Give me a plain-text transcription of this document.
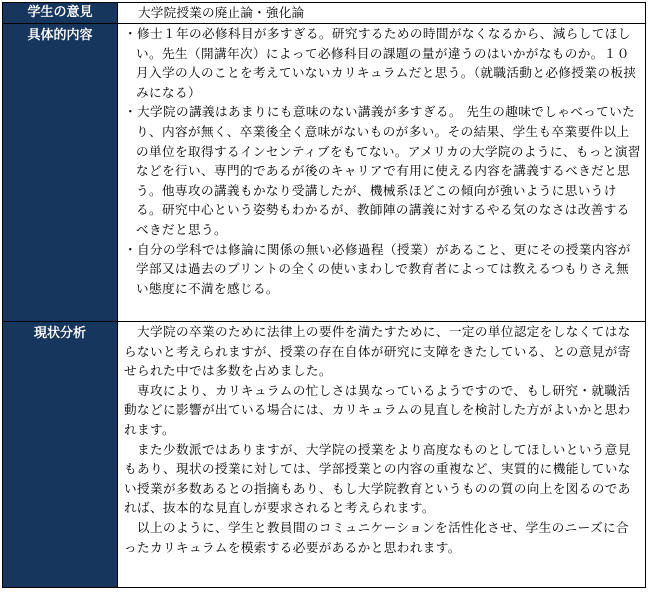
学生の意見	大学院授業の廃止論・強化論
具体的内容	・修士１年の必修科目が多すぎる。研究するための時間がなくなるから、減らしてほしい。先生（開講年次）によって必修科目の課題の量が違うのはいかがなものか。１０月入学の人のことを考えていないカリキュラムだと思う。（就職活動と必修授業の板挟みになる）
・大学院の講義はあまりにも意味のない講義が多すぎる。 先生の趣味でしゃべっていたり、内容が無く、卒業後全く意味がないものが多い。その結果、学生も卒業要件以上の単位を取得するインセンティブをもてない。アメリカの大学院のように、もっと演習などを行い、専門的であるが後のキャリアで有用に使える内容を講義するべきだと思う。他専攻の講義もかなり受講したが、機械系ほどこの傾向が強いように思いうける。研究中心という姿勢もわかるが、教師陣の講義に対するやる気のなさは改善するべきだと思う。
・自分の学科では修論に関係の無い必修過程（授業）があること、更にその授業内容が学部又は過去のプリントの全くの使いまわしで教育者によっては教えるつもりさえ無い態度に不満を感じる。

現状分析	　大学院の卒業のために法律上の要件を満たすために、一定の単位認定をしなくてはならないと考えられますが、授業の存在自体が研究に支障をきたしている、との意見が寄せられた中では多数を占めました。
　専攻により、カリキュラムの忙しさは異なっているようですので、もし研究・就職活動などに影響が出ている場合には、カリキュラムの見直しを検討した方がよいかと思われます。
　また少数派ではありますが、大学院の授業をより高度なものとしてほしいという意見もあり、現状の授業に対しては、学部授業との内容の重複など、実質的に機能していない授業が多数あるとの指摘もあり、もし大学院教育というものの質の向上を図るのであれば、抜本的な見直しが要求されると考えられます。
　以上のように、学生と教員間のコミュニケーションを活性化させ、学生のニーズに合ったカリキュラムを模索する必要があるかと思われます。
